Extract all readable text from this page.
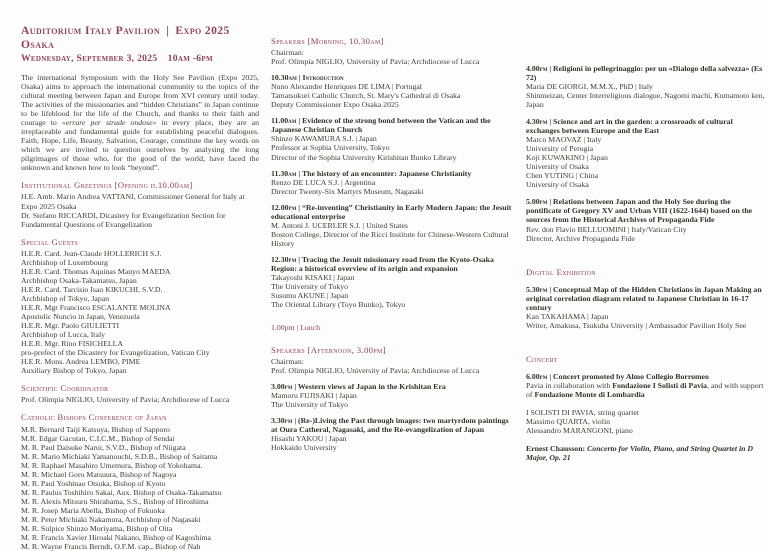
Auditorium Italy Pavilion | Expo 2025 Osaka
Wednesday, September 3, 2025  10am -6pm

The international Symposium with the Holy See Pavilion (Expo 2025, Osaka) aims to approach the international community to the topics of the cultural meeting between Japan and Europe from XVI century until today. The activities of the missionaries and “hidden Christians” in Japan continue to be lifeblood for the life of the Church, and thanks to their faith and courage to «errare per strade ondose» in every place, they are an irreplaceable and fundamental guide for establishing peaceful dialogues. Faith, Hope, Life, Beauty, Salvation, Courage, constitute the key words on which we are invited to question ourselves by analysing the long pilgrimages of those who, for the good of the world, have faced the unknown and known how to look “beyond”.

Institutional Greetings [Opening h.10.00am]
H.E. Amb. Mario Andrea VATTANI, Commissioner General for Italy at Expo 2025 Osaka
Dr. Stefano RICCARDI, Dicastery for Evangelization Section for Fundamental Questions of Evangelization
Special Guests
H.E.R. Card. Jean-Claude HOLLERICH S.J.
Archbishop of Luxembourg
H.E.R. Card. Thomas Aquinas Manyo MAEDA
Archbishop Osaka-Takamatsu, Japan
H.E.R. Card. Tarcisio Isao KIKUCHI, S.V.D.
Archbishop of Tokyo, Japan
H.E.R. Mgr Francisco ESCALANTE MOLINA
Apostolic Nuncio in Japan, Venezuela
H.E.R. Mgr. Paolo GIULIETTI
Archbishop of Lucca, Italy
H.E.R. Mgr. Rino FISICHELLA
pro-prefect of the Dicastery for Evangelization, Vatican City
H.E.R. Mons. Andrea LEMBO, PIME
Auxiliary Bishop of Tokyo, Japan
Scientific Coordinator
Prof. Olimpia NIGLIO, University of Pavia; Archdiocese of Lucca
Catholic Bishops Conference of Japan
M.R. Bernard Taiji Katsuya, Bishop of Sapporo
M.R. Edgar Gacutan, C.I.C.M., Bishop of Sendai
M. R. Paul Daisuke Narui, S.V.D., Bishop of Niigata
M. R. Mario Michiaki Yamanouchi, S.D.B., Bishop of Saitama
M. R. Raphael Masahiro Umemura, Bishop of Yokohama.
M. R. Michael Goro Matsuura, Bishop of Nagoya
M. R. Paul Yoshinao Otsuka, Bishop of Kyoto
M. R. Paulus Toshihiro Sakai, Aux. Bishop of Osaka-Takamatsu
M. R. Alexis Mitsuru Shirahama, S.S., Bishop of Hiroshima
M. R. Josep Maria Abella, Bishop of Fukuoka
M. R. Peter Michiaki Nakamura, Archbishop of Nagasaki
M. R. Sulpice Shinzo Moriyama, Bishop of Oita
M. R. Francis Xavier Hiroaki Nakano, Bishop of Kagoshima
M. R. Wayne Francis Berndt, O.F.M. cap., Bishop of Nah
Speakers [Morning, 10.30am]
Chairman:
Prof. Olimpia NIGLIO, University of Pavia; Archdiocese of Lucca
10.30am | Introduction
Nuno Alexandre Henriques DE LIMA | Portugal
Tamatsukuri Catholic Church, St. Mary's Cathedral di Osaka
Deputy Commissioner Expo Osaka 2025
11.00am | Evidence of the strong bond between the Vatican and the Japanese Christian Church
Shinzo KAWAMURA S.J. | Japan
Professor at Sophia University, Tokyo
Director of the Sophia University Kirishitan Bunko Library
11.30am | The history of an encounter: Japanese Christianity
Renzo DE LUCA S.J. | Argentina
Director Twenty-Six Martyrs Museum, Nagasaki
12.00pm | “Re-inventing” Christianity in Early Modern Japan: the Jesuit educational enterprise
M. Antoni J. UCERLER S.J. | United States
Boston College, Director of the Ricci Institute for Chinese-Western Cultural History
12.30pm | Tracing the Jesuit missionary road from the Kyoto-Osaka Region: a historical overview of its origin and expansion
Takayoshi KISAKI | Japan
The University of Tokyo
Susumu AKUNE | Japan
The Oriental Library (Toyo Bunko), Tokyo
1.00pm | Lunch
Speakers [Afternoon, 3.00pm]
Chairman:
Prof. Olimpia NIGLIO, University of Pavia; Archdiocese of Lucca
3.00pm | Western views of Japan in the Krishitan Era
Mamoru FUJISAKI | Japan
The University of Tokyo
3.30pm | (Re-)Living the Past through images: two martyrdom paintings at Oura Catheral, Nagasaki, and the Re-evangelization of Japan
Hisashi YAKOU | Japan
Hokkaido University
4.00pm | Religioni in pellegrinaggio: per un «Dialogo della salvezza» (Es 72)
Maria DE GIORGI, M.M.X., PhD | Italy
Shinmeizan, Center Interreligious dialogue, Nagomi machi, Kumamoto ken, Japan
4.30pm | Science and art in the garden: a crossroads of cultural exchanges between Europe and the East
Marco MAOVAZ | Italy
University of Perugia
Koji KUWAKINO | Japan
University of Osaka
Chen YUTING | China
University of Osaka
5.00pm | Relations between Japan and the Holy See during the pontificate of Gregory XV and Urban VIII (1622-1644) based on the sources from the Historical Archives of Propaganda Fide
Rev. don Flavio BELLUOMINI | Italy/Vatican City
Director, Archive Propaganda Fide
Digital Exhibition
5.30pm | Conceptual Map of the Hidden Christians in Japan Making an original correlation diagram related to Japanese Christian in 16-17 century
Kan TAKAHAMA | Japan
Writer, Amakusa, Tsukuba University | Ambassador Pavilion Holy See
Concert
6.00pm | Concert promoted by Almo Collegio Borromeo
Pavia in collaboration with Fondazione I Solisti di Pavia, and with support of Fondazione Monte di Lombardia
I SOLISTI DI PAVIA, string quartet
Massimo QUARTA, violin
Alessandro MARANGONI, piano
Ernest Chausson: Concerto for Violin, Piano, and String Quartet in D Major, Op. 21
